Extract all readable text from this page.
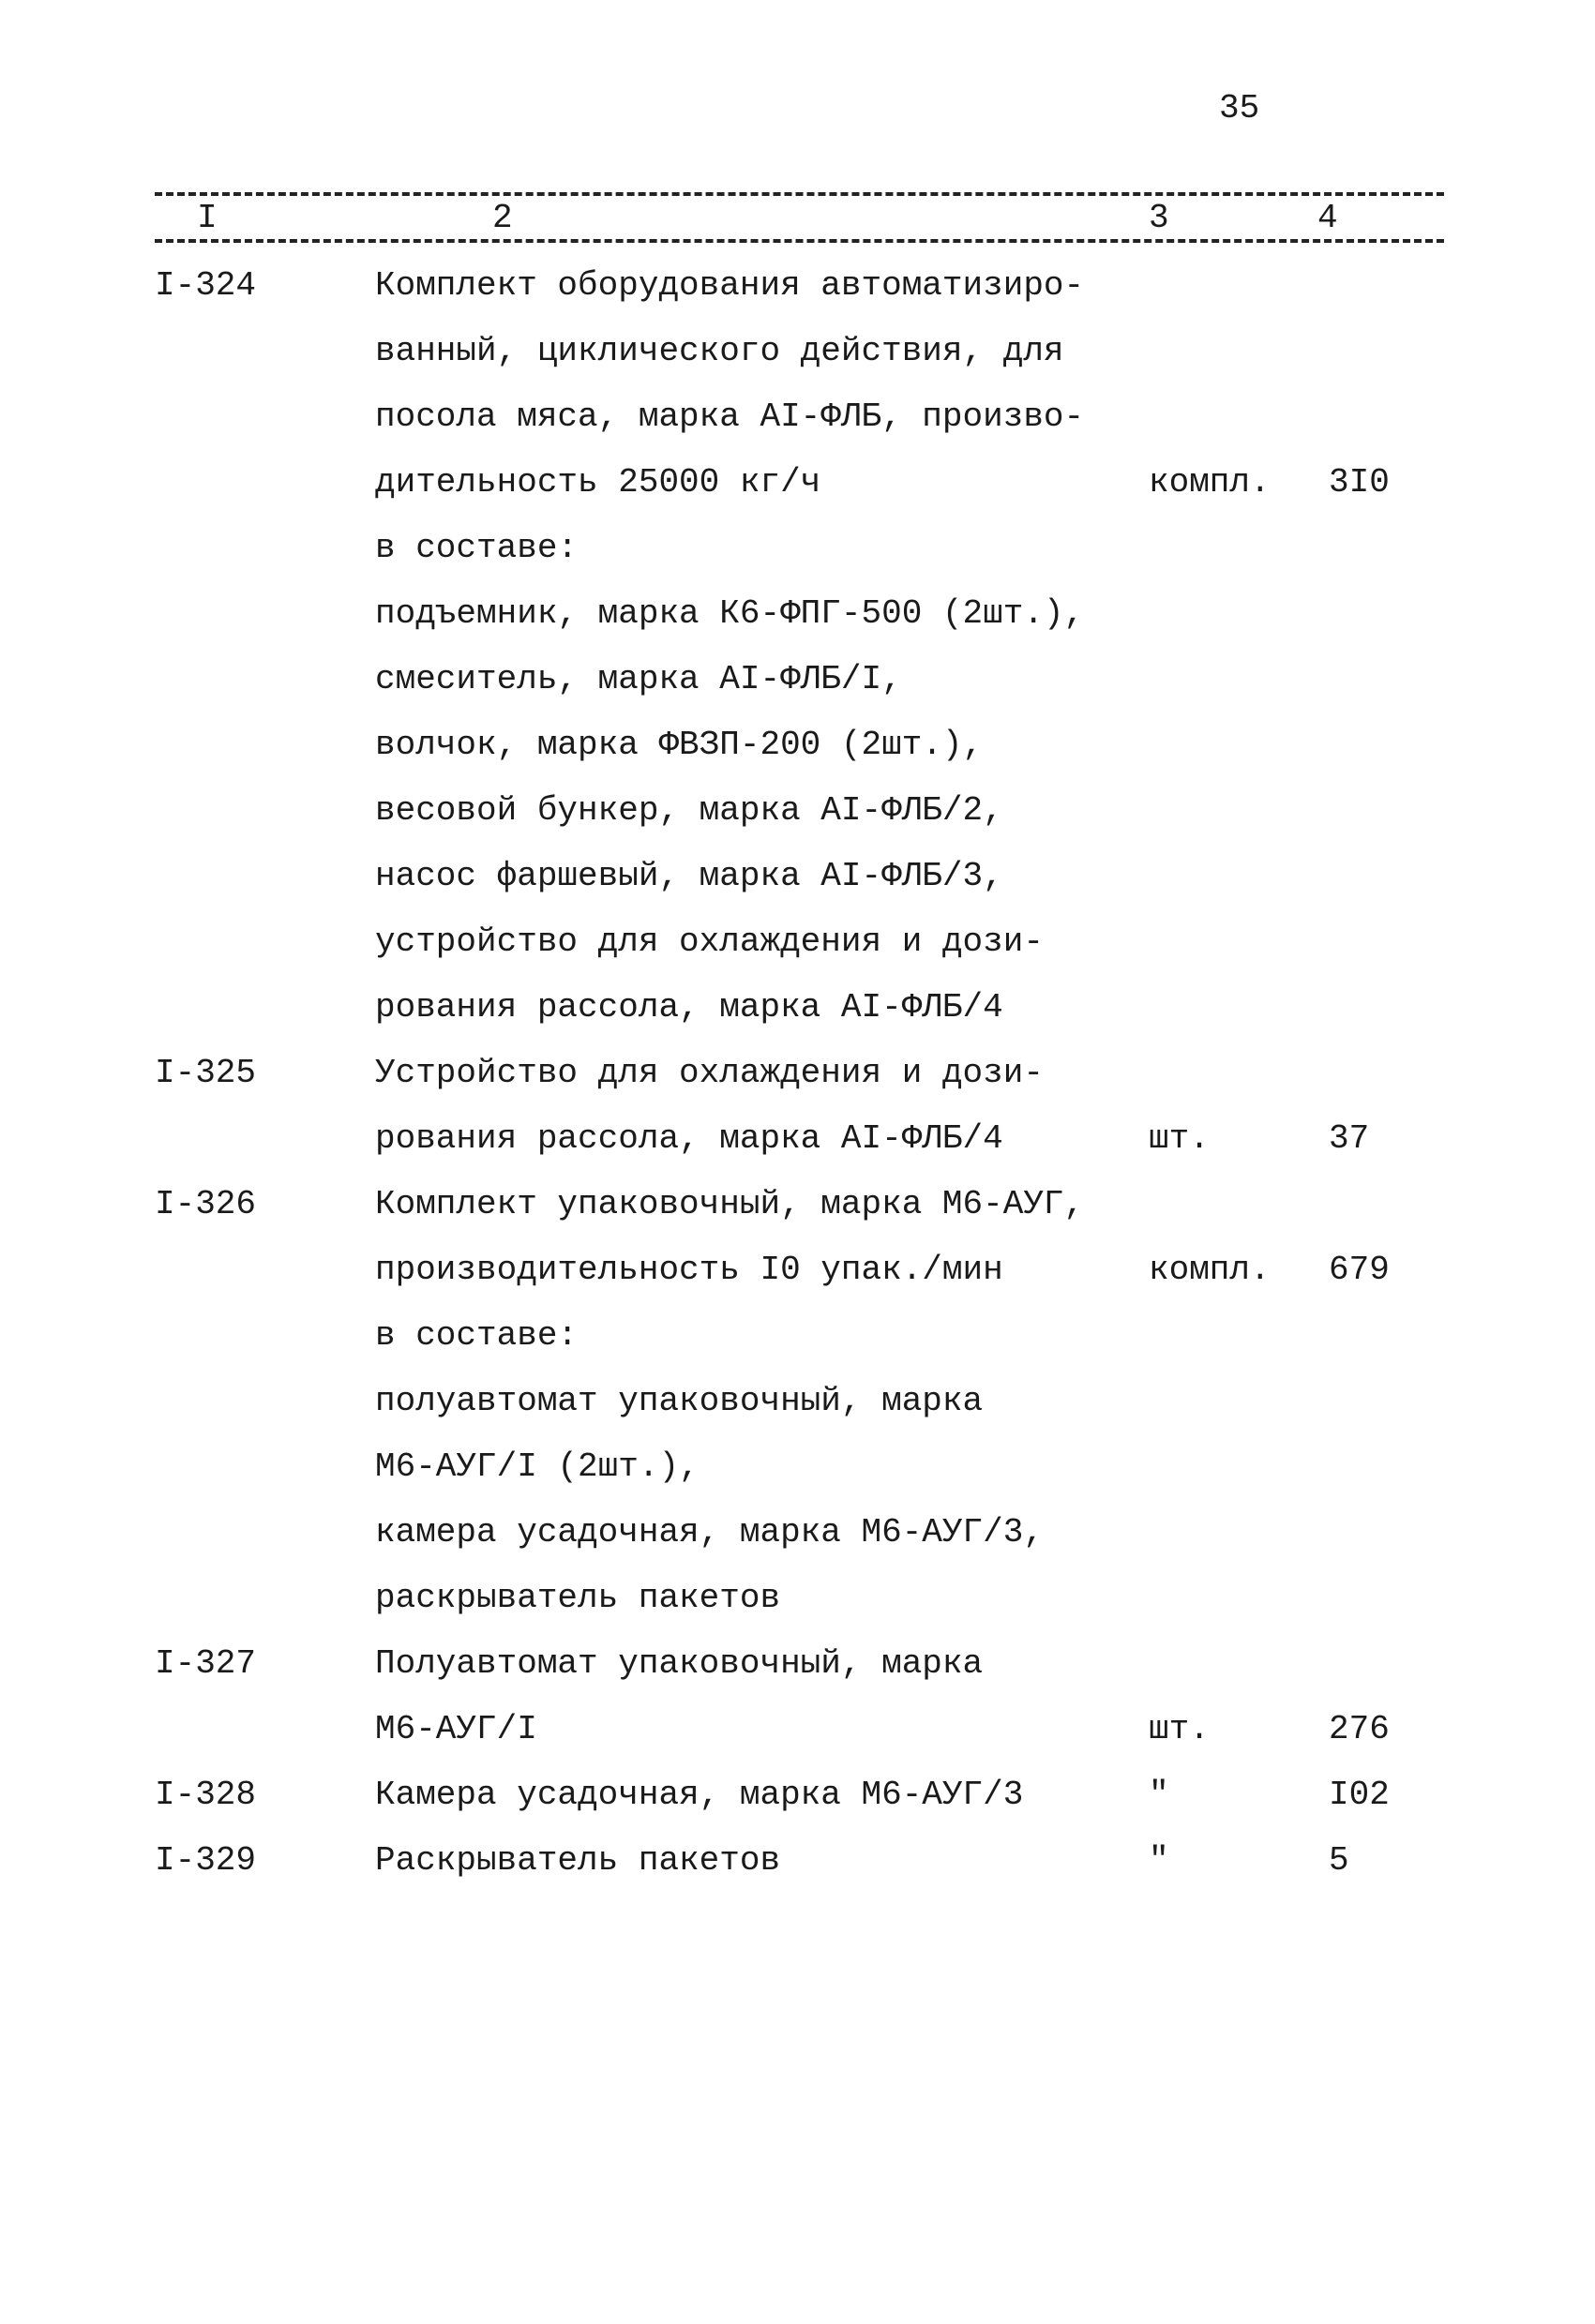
35
I	2	3	4
I-324	Комплект оборудования автоматизиро-
ванный, циклического действия, для
посола мяса, марка AI-ФЛБ, произво-
дительность 25000 кг/ч	компл. 3I0
в составе:
подъемник, марка К6-ФПГ-500 (2шт.),
смеситель, марка AI-ФЛБ/I,
волчок, марка ФВЗП-200 (2шт.),
весовой бункер, марка AI-ФЛБ/2,
насос фаршевый, марка AI-ФЛБ/3,
устройство для охлаждения и дози-
рования рассола, марка AI-ФЛБ/4
I-325	Устройство для охлаждения и дози-
рования рассола, марка AI-ФЛБ/4	шт.	37
I-326	Комплект упаковочный, марка М6-АУГ,
производительность I0 упак./мин	компл. 679
в составе:
полуавтомат упаковочный, марка
М6-АУГ/I (2шт.),
камера усадочная, марка М6-АУГ/3,
раскрыватель пакетов
I-327	Полуавтомат упаковочный, марка
М6-АУГ/I	шт.	276
I-328	Камера усадочная, марка М6-АУГ/3	"	I02
I-329	Раскрыватель пакетов	"	5
